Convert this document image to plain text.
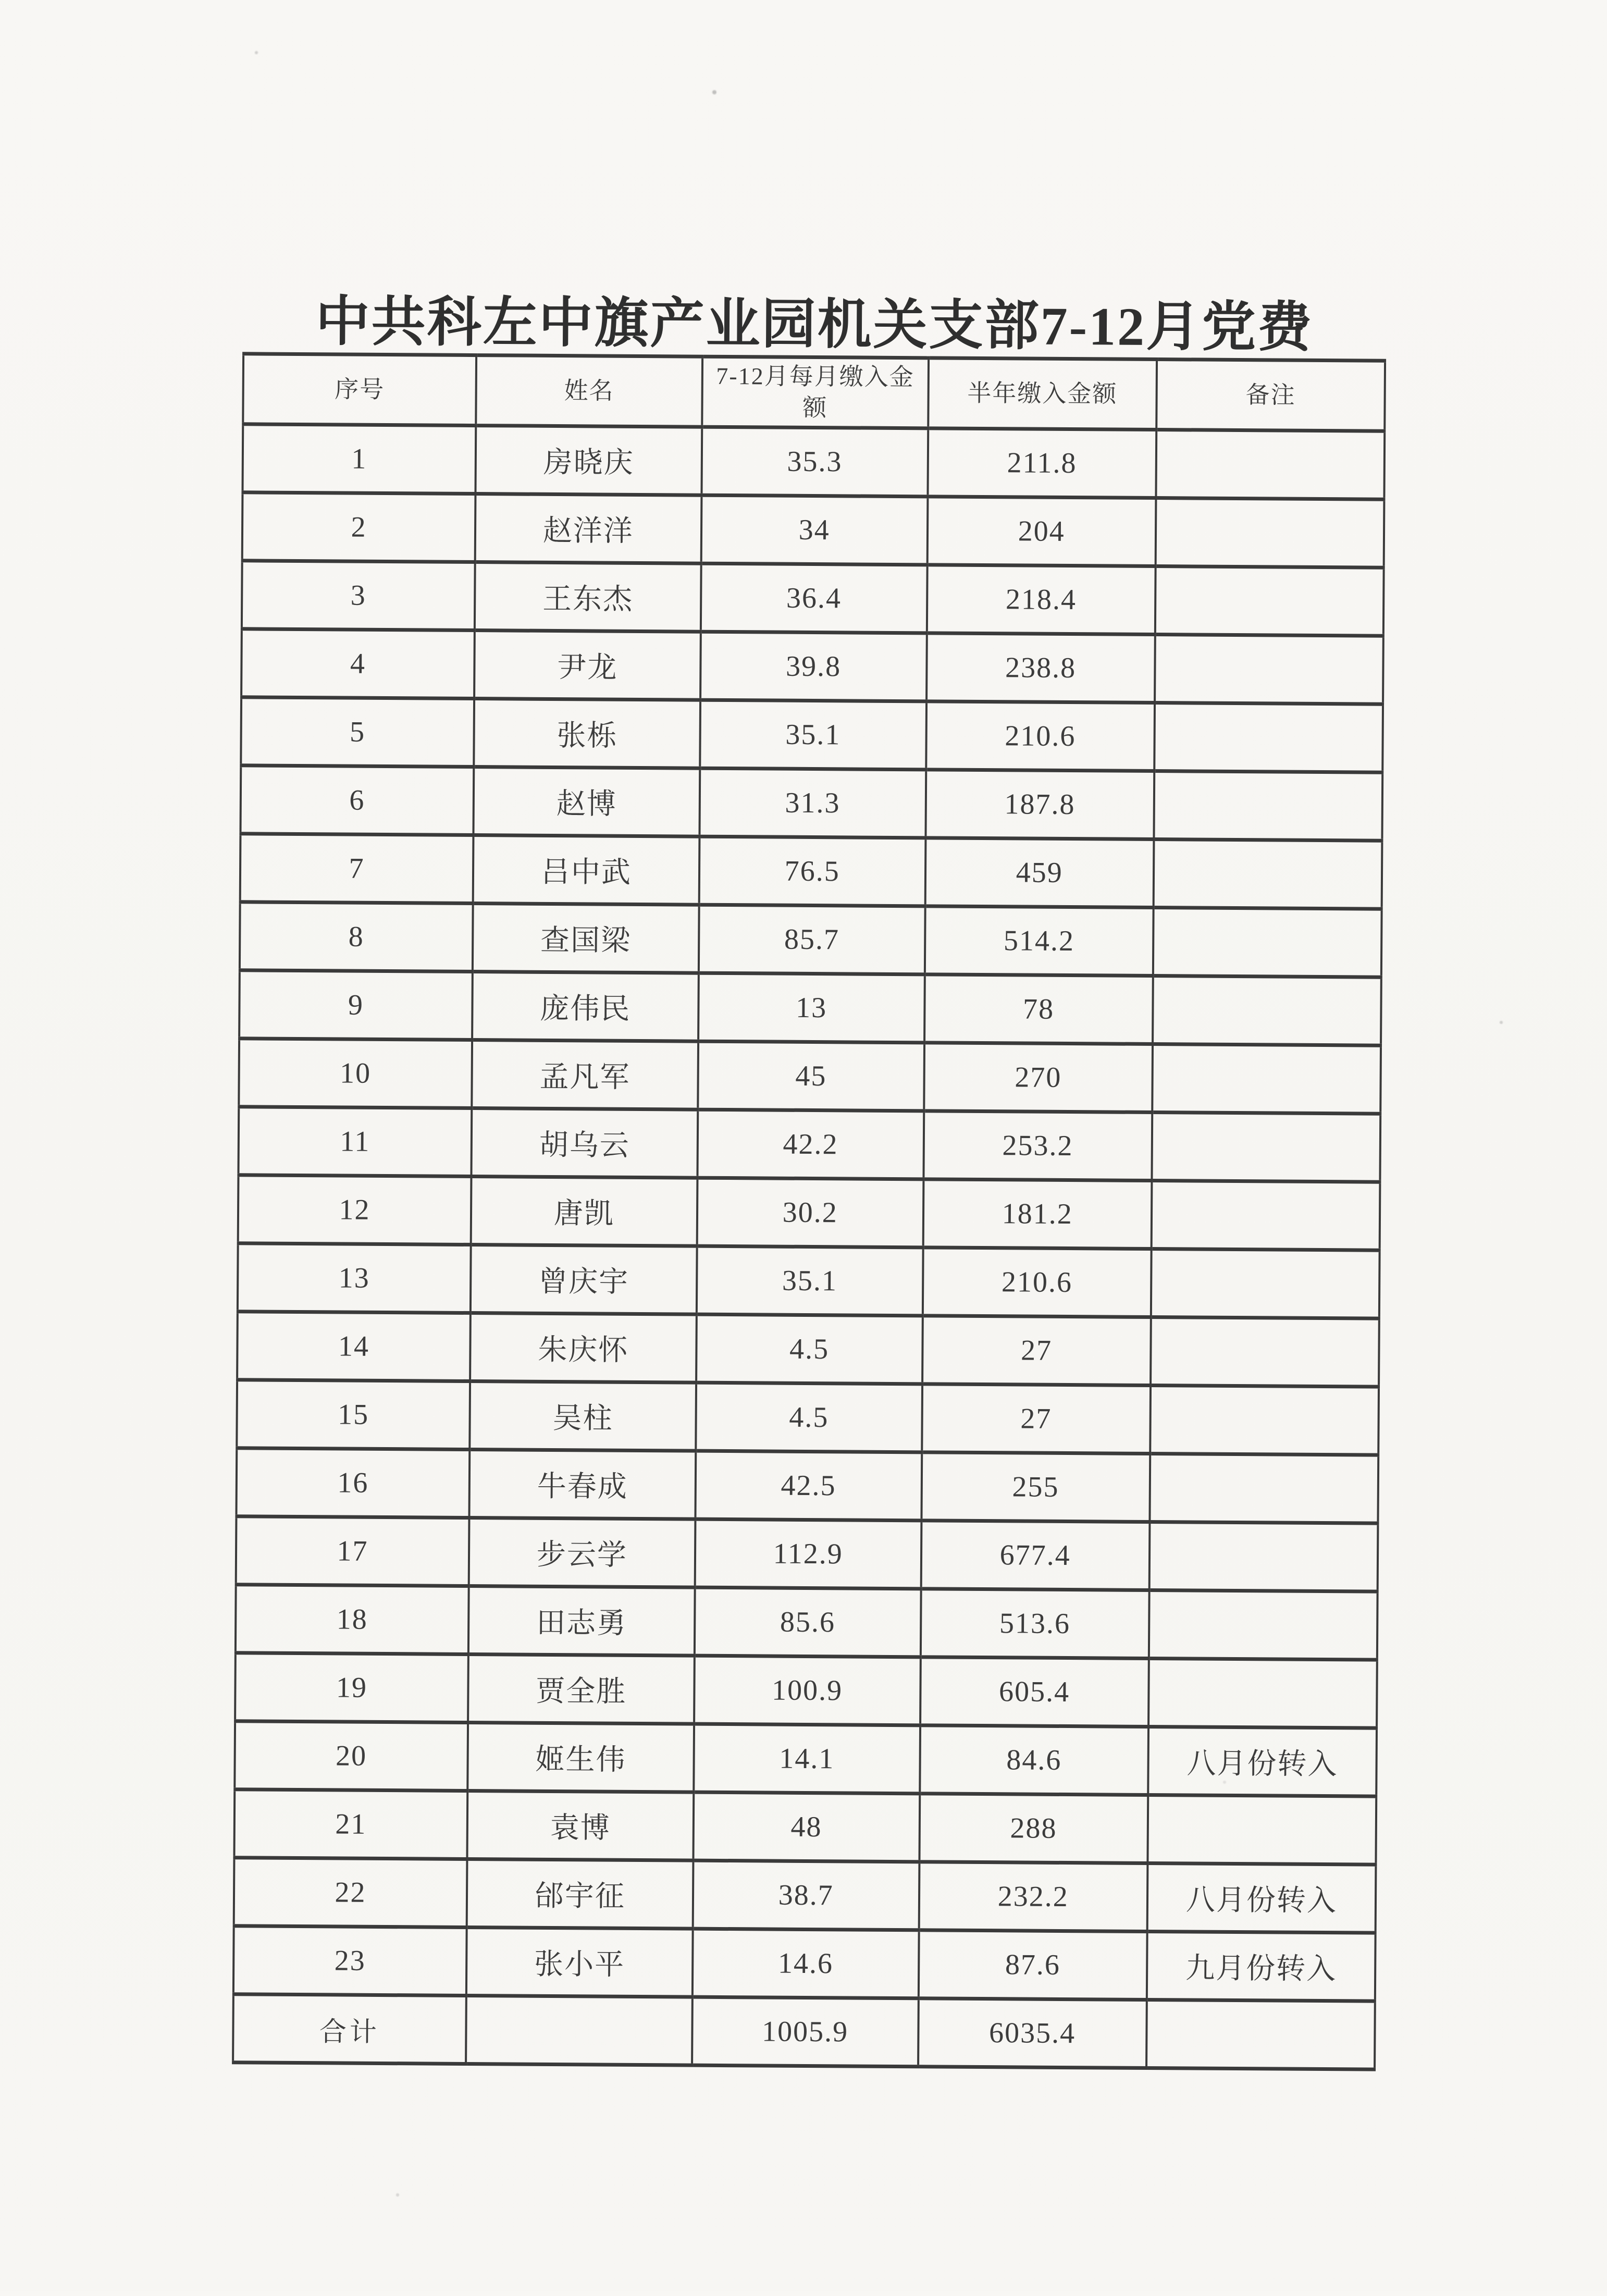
中共科左中旗产业园机关支部7-12月党费
序号	姓名	7-12月每月缴入金额	半年缴入金额	备注
1	房晓庆	35.3	211.8	
2	赵洋洋	34	204	
3	王东杰	36.4	218.4	
4	尹龙	39.8	238.8	
5	张栎	35.1	210.6	
6	赵博	31.3	187.8	
7	吕中武	76.5	459	
8	查国梁	85.7	514.2	
9	庞伟民	13	78	
10	孟凡军	45	270	
11	胡乌云	42.2	253.2	
12	唐凯	30.2	181.2	
13	曾庆宇	35.1	210.6	
14	朱庆怀	4.5	27	
15	吴柱	4.5	27	
16	牛春成	42.5	255	
17	步云学	112.9	677.4	
18	田志勇	85.6	513.6	
19	贾全胜	100.9	605.4	
20	姬生伟	14.1	84.6	八月份转入
21	袁博	48	288	
22	邰宇征	38.7	232.2	八月份转入
23	张小平	14.6	87.6	九月份转入
合计		1005.9	6035.4	
